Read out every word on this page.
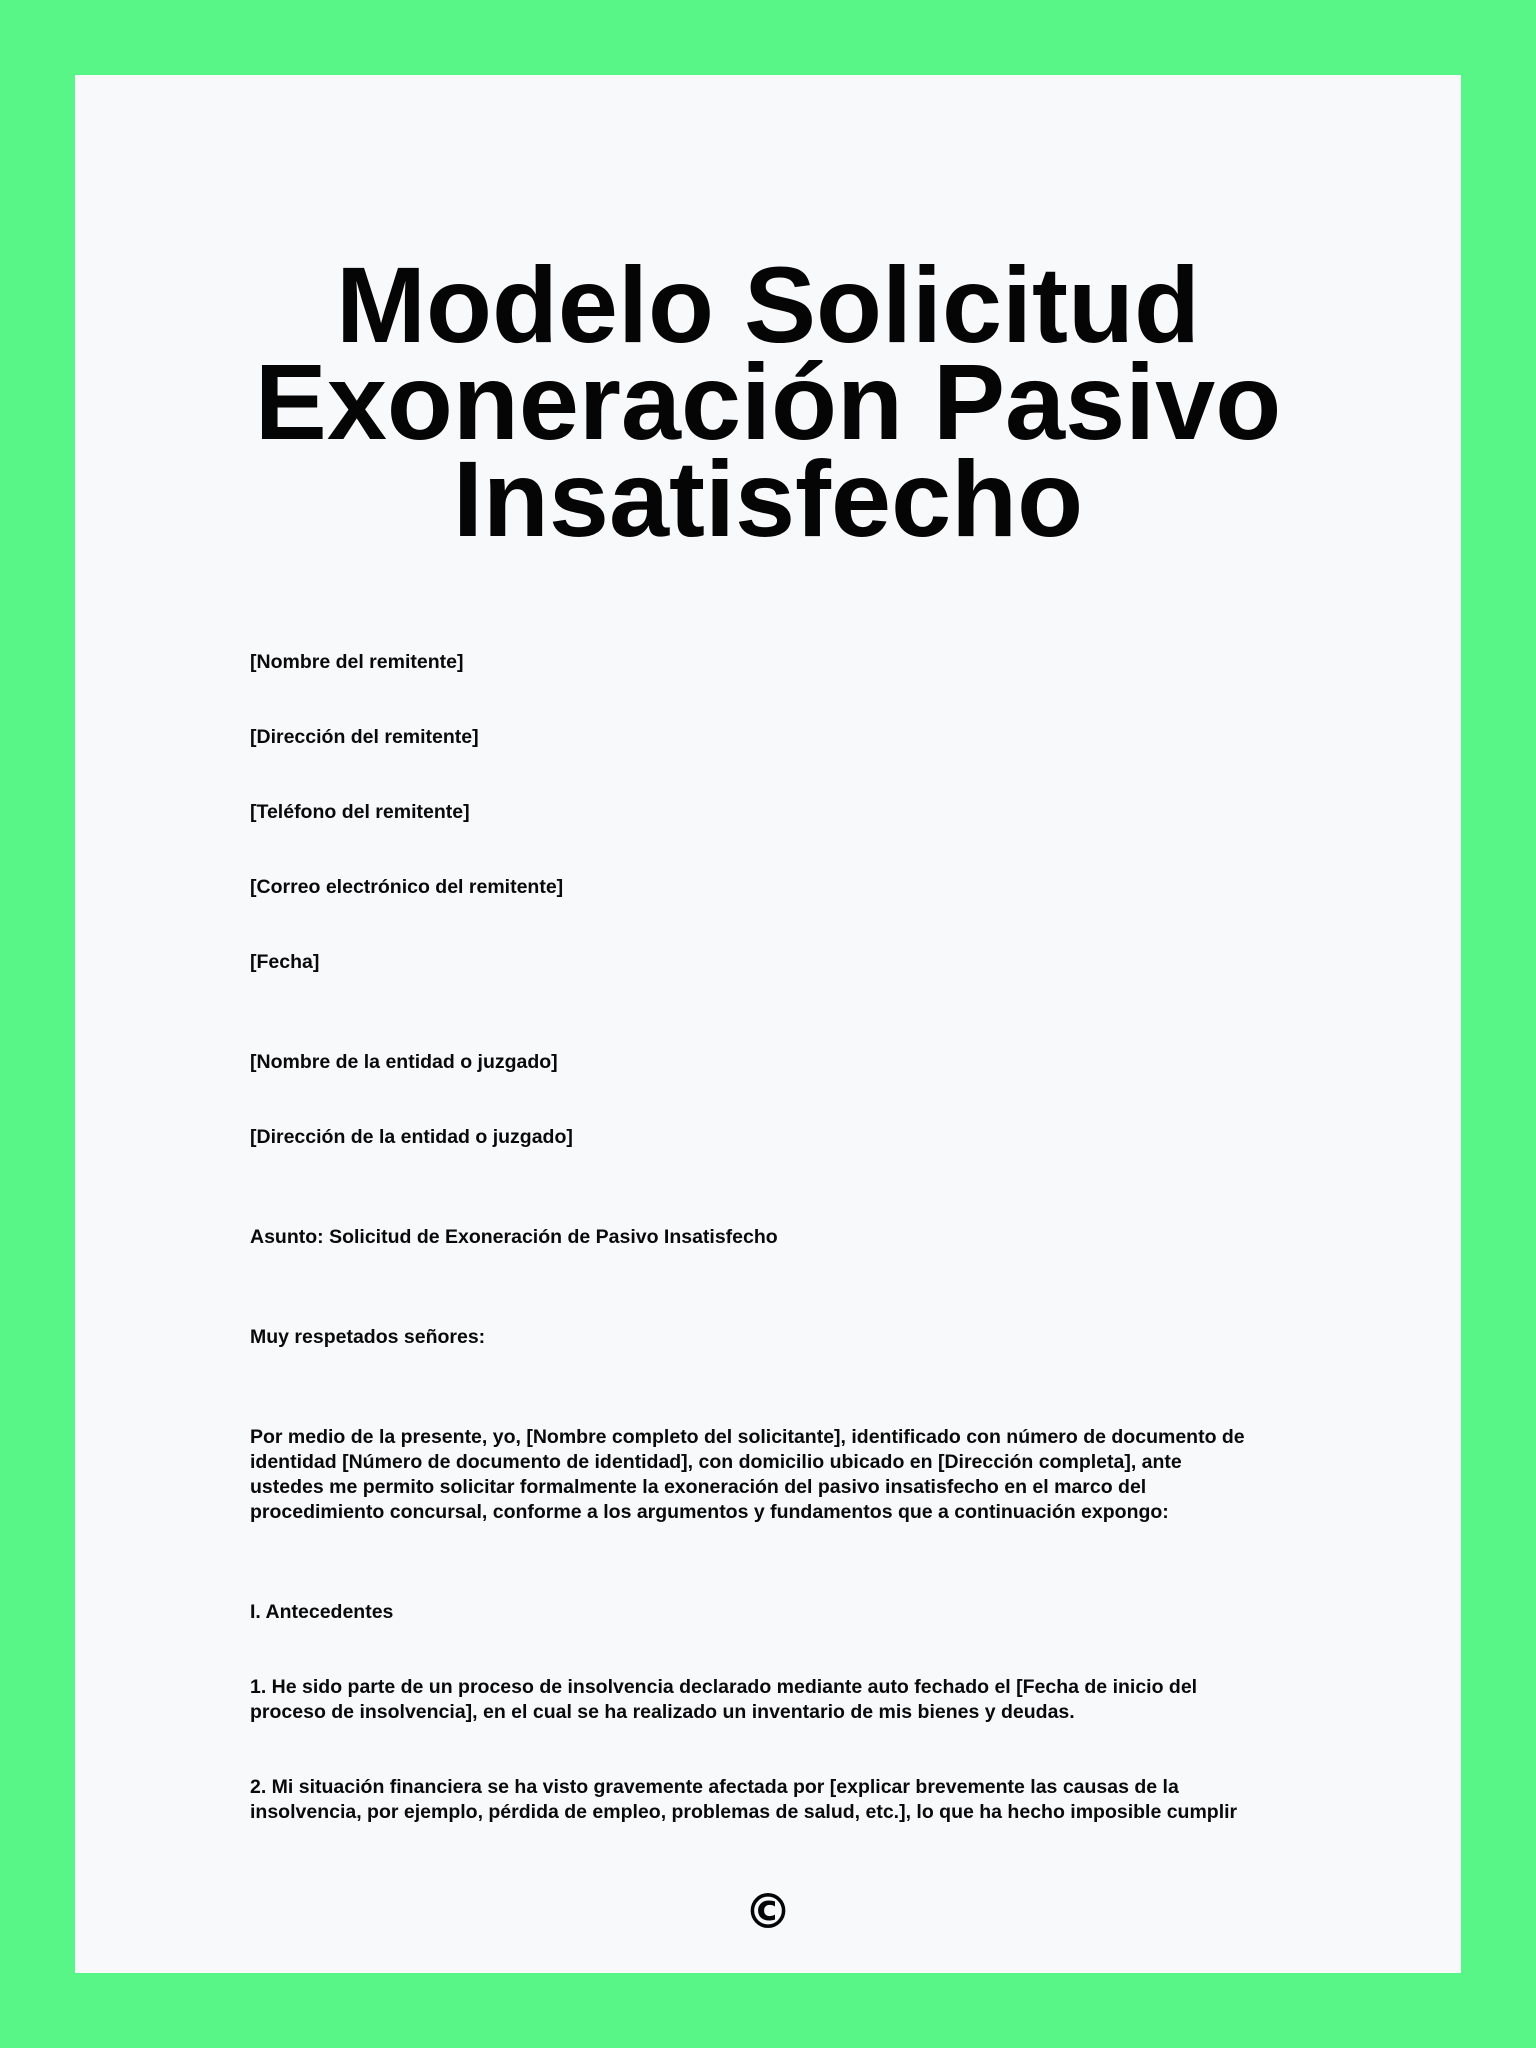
Modelo Solicitud
Exoneración Pasivo
Insatisfecho

[Nombre del remitente]

[Dirección del remitente]

[Teléfono del remitente]

[Correo electrónico del remitente]

[Fecha]

[Nombre de la entidad o juzgado]

[Dirección de la entidad o juzgado]

Asunto: Solicitud de Exoneración de Pasivo Insatisfecho

Muy respetados señores:

Por medio de la presente, yo, [Nombre completo del solicitante], identificado con número de documento de
identidad [Número de documento de identidad], con domicilio ubicado en [Dirección completa], ante
ustedes me permito solicitar formalmente la exoneración del pasivo insatisfecho en el marco del
procedimiento concursal, conforme a los argumentos y fundamentos que a continuación expongo:

I. Antecedentes

1. He sido parte de un proceso de insolvencia declarado mediante auto fechado el [Fecha de inicio del
proceso de insolvencia], en el cual se ha realizado un inventario de mis bienes y deudas.

2. Mi situación financiera se ha visto gravemente afectada por [explicar brevemente las causas de la
insolvencia, por ejemplo, pérdida de empleo, problemas de salud, etc.], lo que ha hecho imposible cumplir

©
